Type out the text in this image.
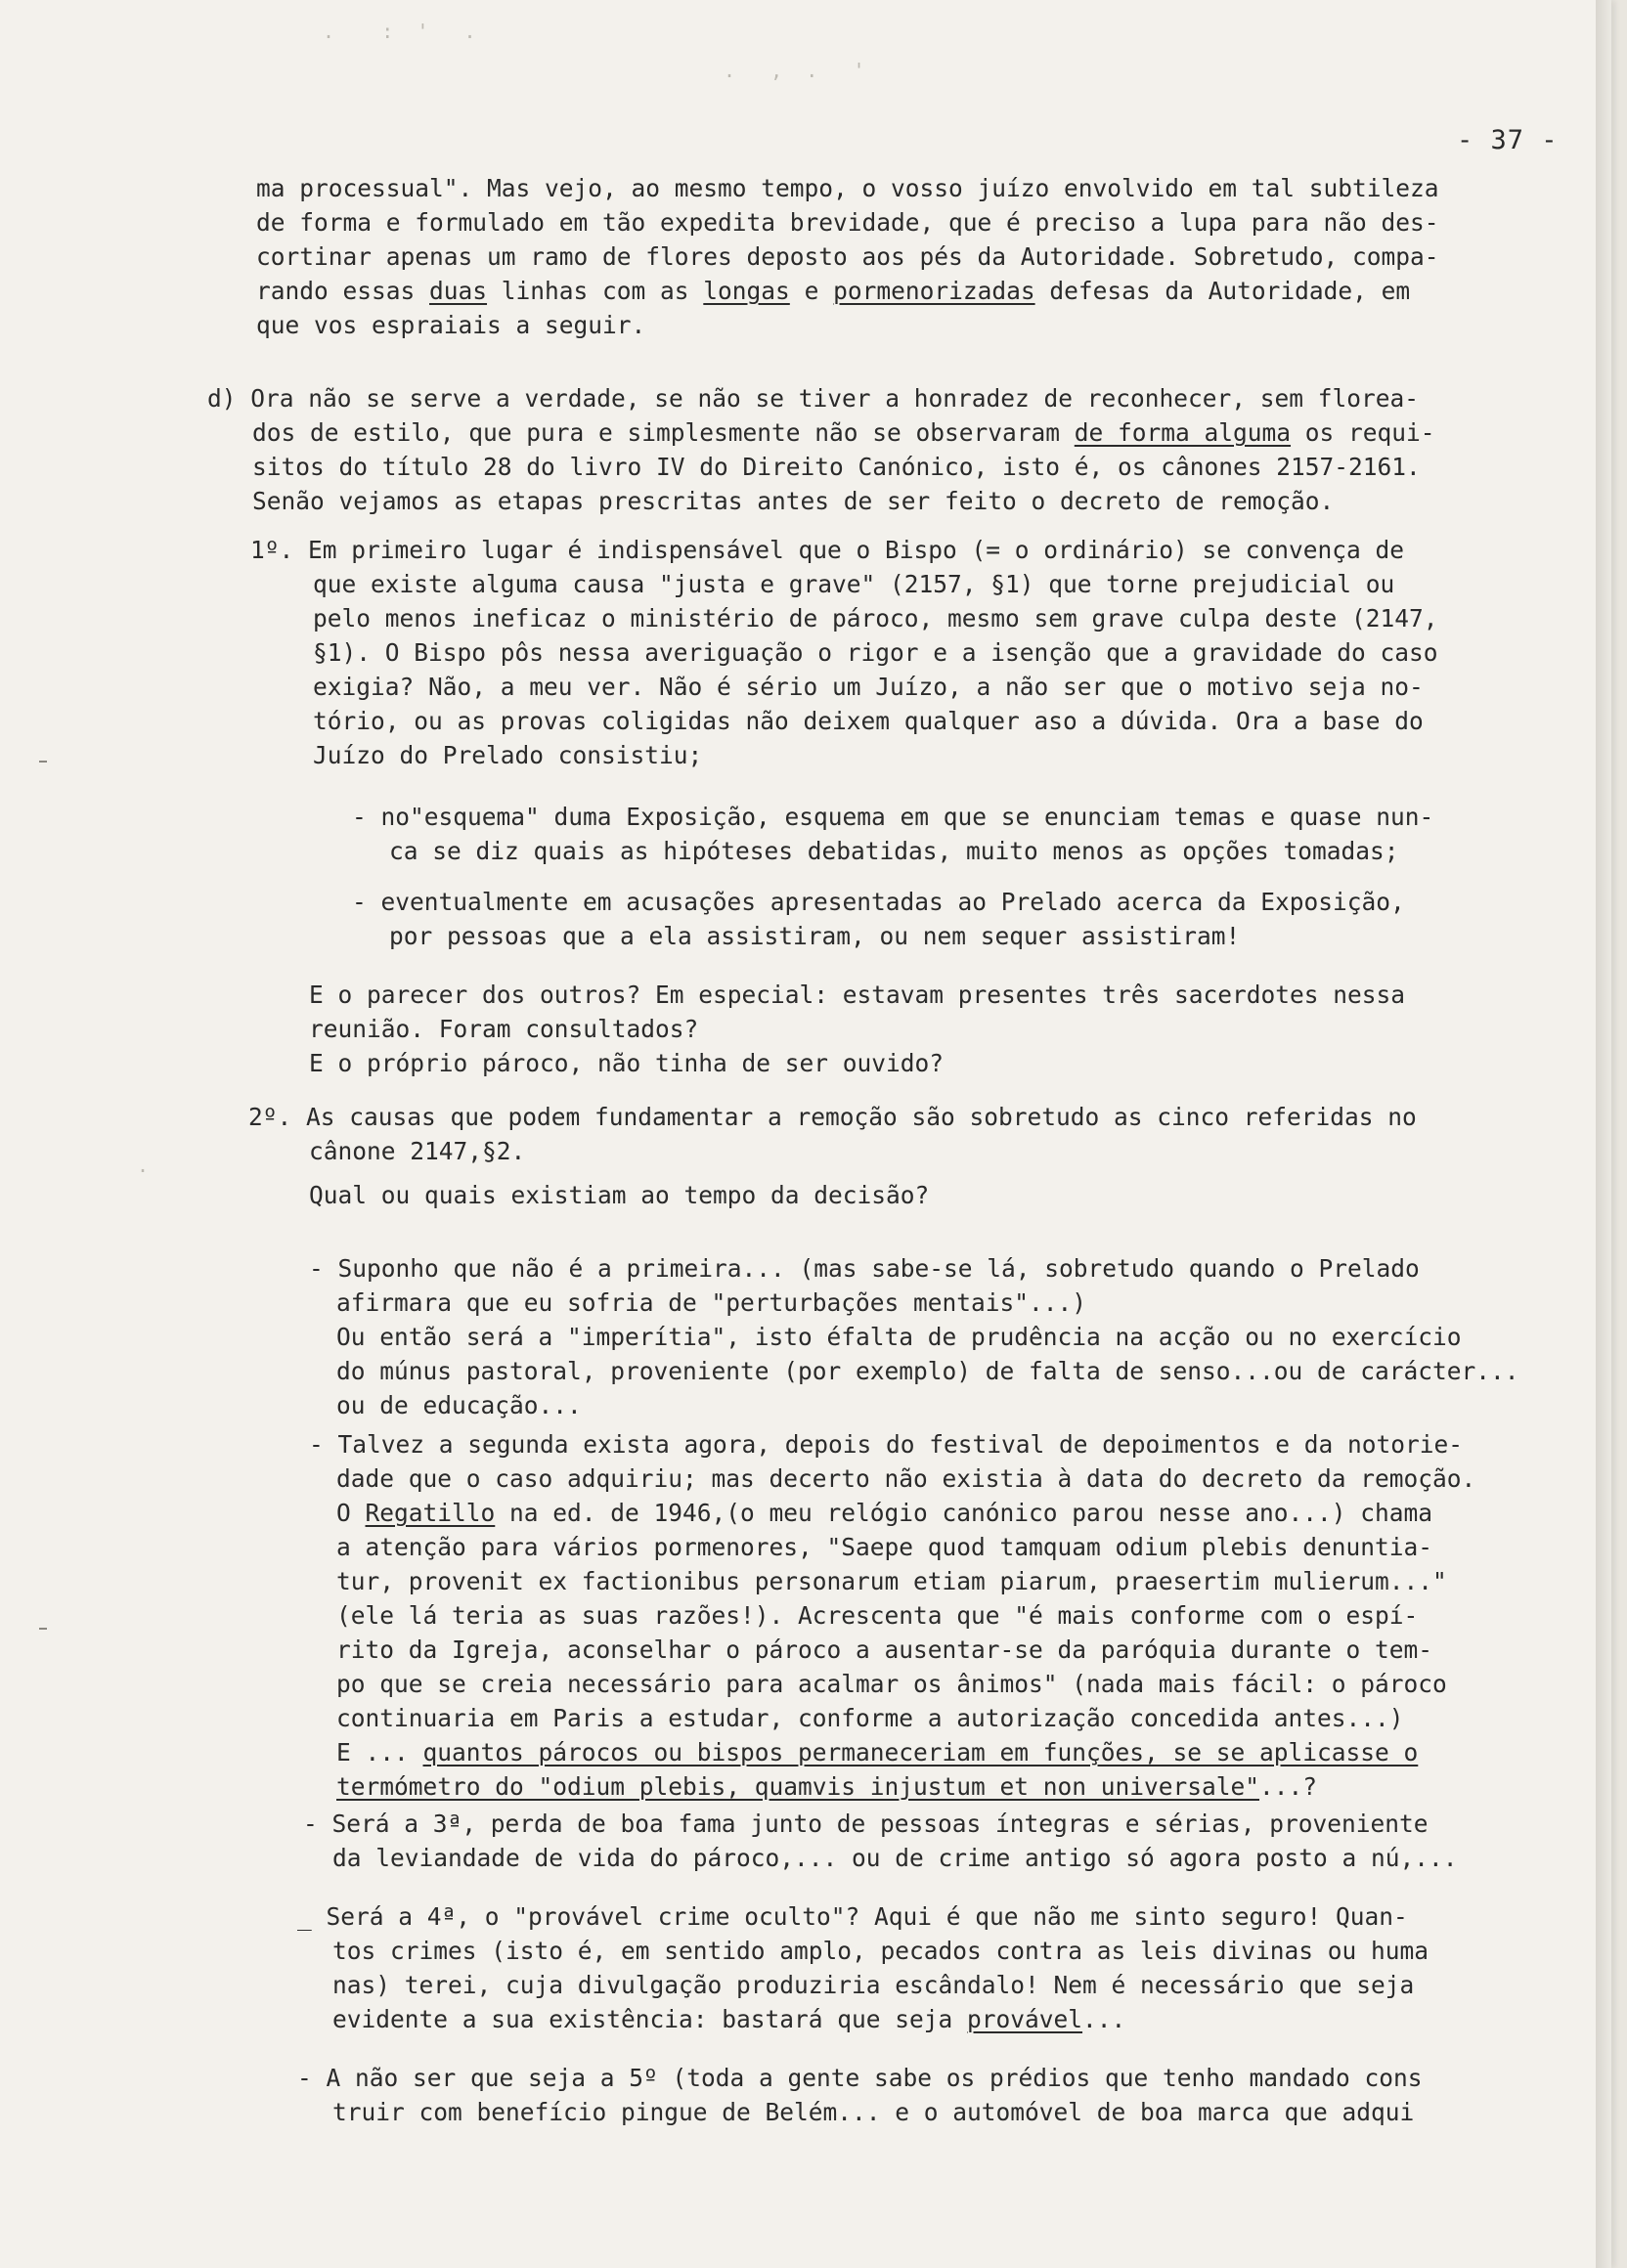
.    :  '   .
.   ,  .   '
.
- 37 -

ma processual". Mas vejo, ao mesmo tempo, o vosso juízo envolvido em tal subtileza

de forma e formulado em tão expedita brevidade, que é preciso a lupa para não des-

cortinar apenas um ramo de flores deposto aos pés da Autoridade. Sobretudo, compa-

rando essas duas linhas com as longas e pormenorizadas defesas da Autoridade, em

que vos espraiais a seguir.

d) Ora não se serve a verdade, se não se tiver a honradez de reconhecer, sem florea-

dos de estilo, que pura e simplesmente não se observaram de forma alguma os requi-

sitos do título 28 do livro IV do Direito Canónico, isto é, os cânones 2157-2161.

Senão vejamos as etapas prescritas antes de ser feito o decreto de remoção.

1º. Em primeiro lugar é indispensável que o Bispo (= o ordinário) se convença de

que existe alguma causa "justa e grave" (2157, §1) que torne prejudicial ou

pelo menos ineficaz o ministério de pároco, mesmo sem grave culpa deste (2147,

§1). O Bispo pôs nessa averiguação o rigor e a isenção que a gravidade do caso

exigia? Não, a meu ver. Não é sério um Juízo, a não ser que o motivo seja no-

tório, ou as provas coligidas não deixem qualquer aso a dúvida. Ora a base do

Juízo do Prelado consistiu;

- no"esquema" duma Exposição, esquema em que se enunciam temas e quase nun-

ca se diz quais as hipóteses debatidas, muito menos as opções tomadas;

- eventualmente em acusações apresentadas ao Prelado acerca da Exposição,

por pessoas que a ela assistiram, ou nem sequer assistiram!

E o parecer dos outros? Em especial: estavam presentes três sacerdotes nessa

reunião. Foram consultados?

E o próprio pároco, não tinha de ser ouvido?

2º. As causas que podem fundamentar a remoção são sobretudo as cinco referidas no

cânone 2147,§2.

Qual ou quais existiam ao tempo da decisão?

- Suponho que não é a primeira... (mas sabe-se lá, sobretudo quando o Prelado

afirmara que eu sofria de "perturbações mentais"...)

Ou então será a "imperítia", isto éfalta de prudência na acção ou no exercício

do múnus pastoral, proveniente (por exemplo) de falta de senso...ou de carácter...

ou de educação...

- Talvez a segunda exista agora, depois do festival de depoimentos e da notorie-

dade que o caso adquiriu; mas decerto não existia à data do decreto da remoção.

O Regatillo na ed. de 1946,(o meu relógio canónico parou nesse ano...) chama

a atenção para vários pormenores, "Saepe quod tamquam odium plebis denuntia-

tur, provenit ex factionibus personarum etiam piarum, praesertim mulierum..."

(ele lá teria as suas razões!). Acrescenta que "é mais conforme com o espí-

rito da Igreja, aconselhar o pároco a ausentar-se da paróquia durante o tem-

po que se creia necessário para acalmar os ânimos" (nada mais fácil: o pároco

continuaria em Paris a estudar, conforme a autorização concedida antes...)

E ... quantos párocos ou bispos permaneceriam em funções, se se aplicasse o

termómetro do "odium plebis, quamvis injustum et non universale"...?

- Será a 3ª, perda de boa fama junto de pessoas íntegras e sérias, proveniente

da leviandade de vida do pároco,... ou de crime antigo só agora posto a nú,...

_ Será a 4ª, o "provável crime oculto"? Aqui é que não me sinto seguro! Quan-

tos crimes (isto é, em sentido amplo, pecados contra as leis divinas ou huma

nas) terei, cuja divulgação produziria escândalo! Nem é necessário que seja

evidente a sua existência: bastará que seja provável...

- A não ser que seja a 5º (toda a gente sabe os prédios que tenho mandado cons

truir com benefício pingue de Belém... e o automóvel de boa marca que adqui
